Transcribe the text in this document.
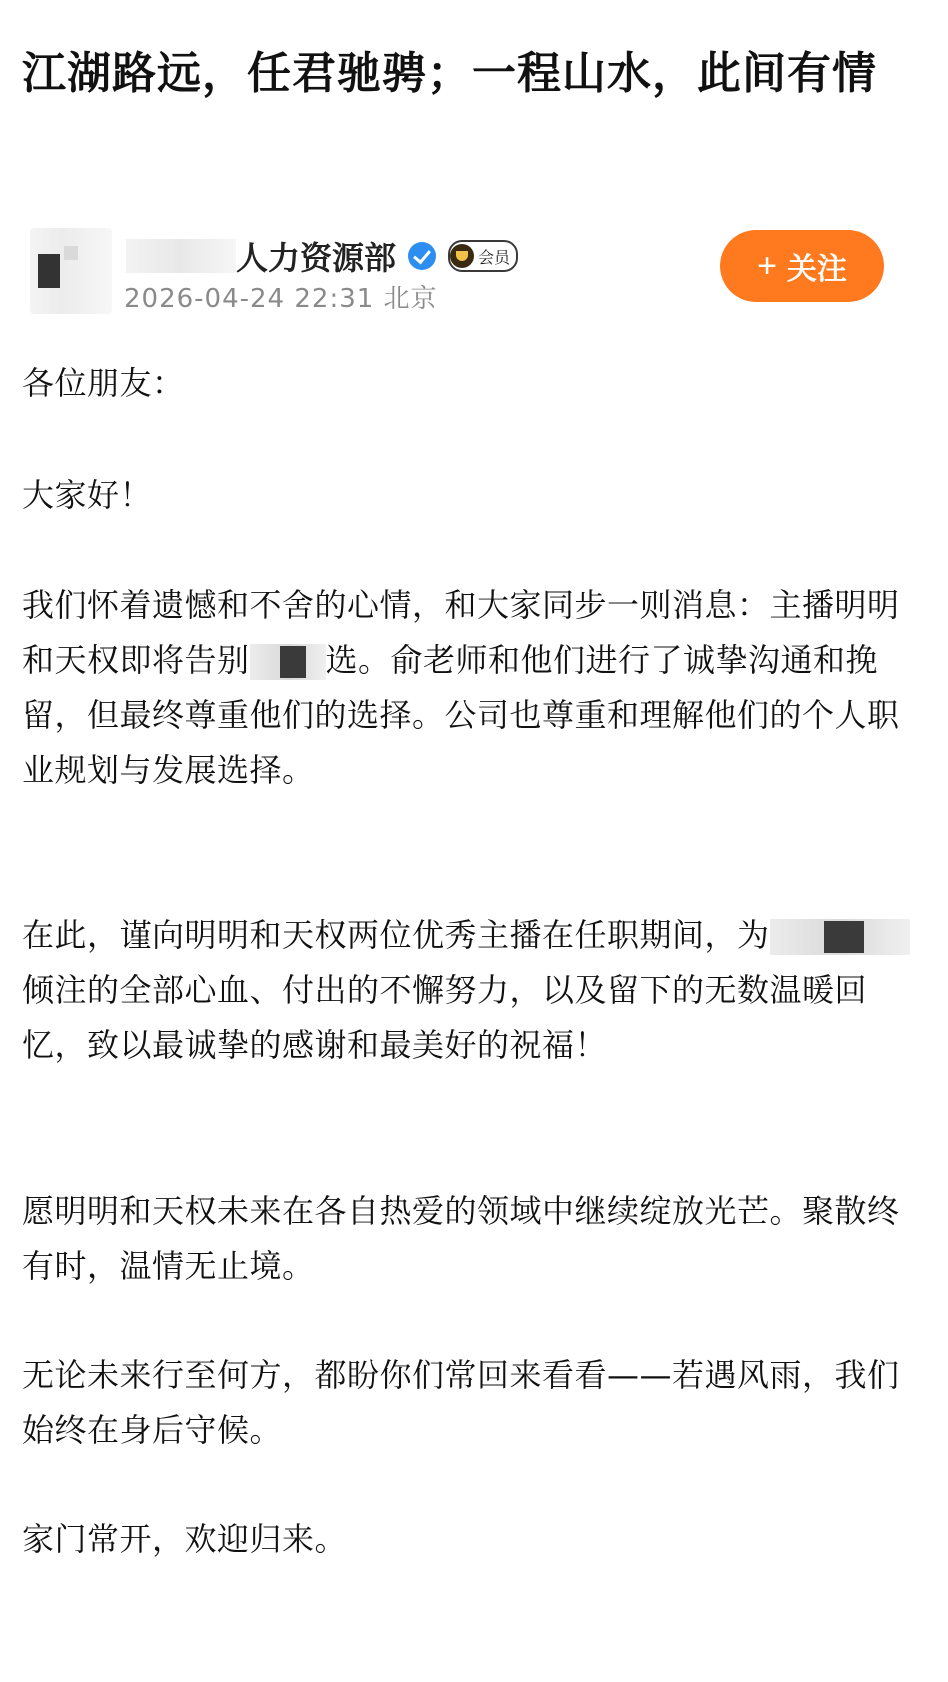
江湖路远，任君驰骋；一程山水，此间有情
人力资源部	会员
2026-04-24 22:31 北京
+ 关注
各位朋友：
大家好！
我们怀着遗憾和不舍的心情，和大家同步一则消息：主播明明和天权即将告别 选。俞老师和他们进行了诚挚沟通和挽留，但最终尊重他们的选择。公司也尊重和理解他们的个人职业规划与发展选择。
在此，谨向明明和天权两位优秀主播在任职期间，为
倾注的全部心血、付出的不懈努力，以及留下的无数温暖回忆，致以最诚挚的感谢和最美好的祝福！
愿明明和天权未来在各自热爱的领域中继续绽放光芒。聚散终有时，温情无止境。
无论未来行至何方，都盼你们常回来看看——若遇风雨，我们始终在身后守候。
家门常开，欢迎归来。
